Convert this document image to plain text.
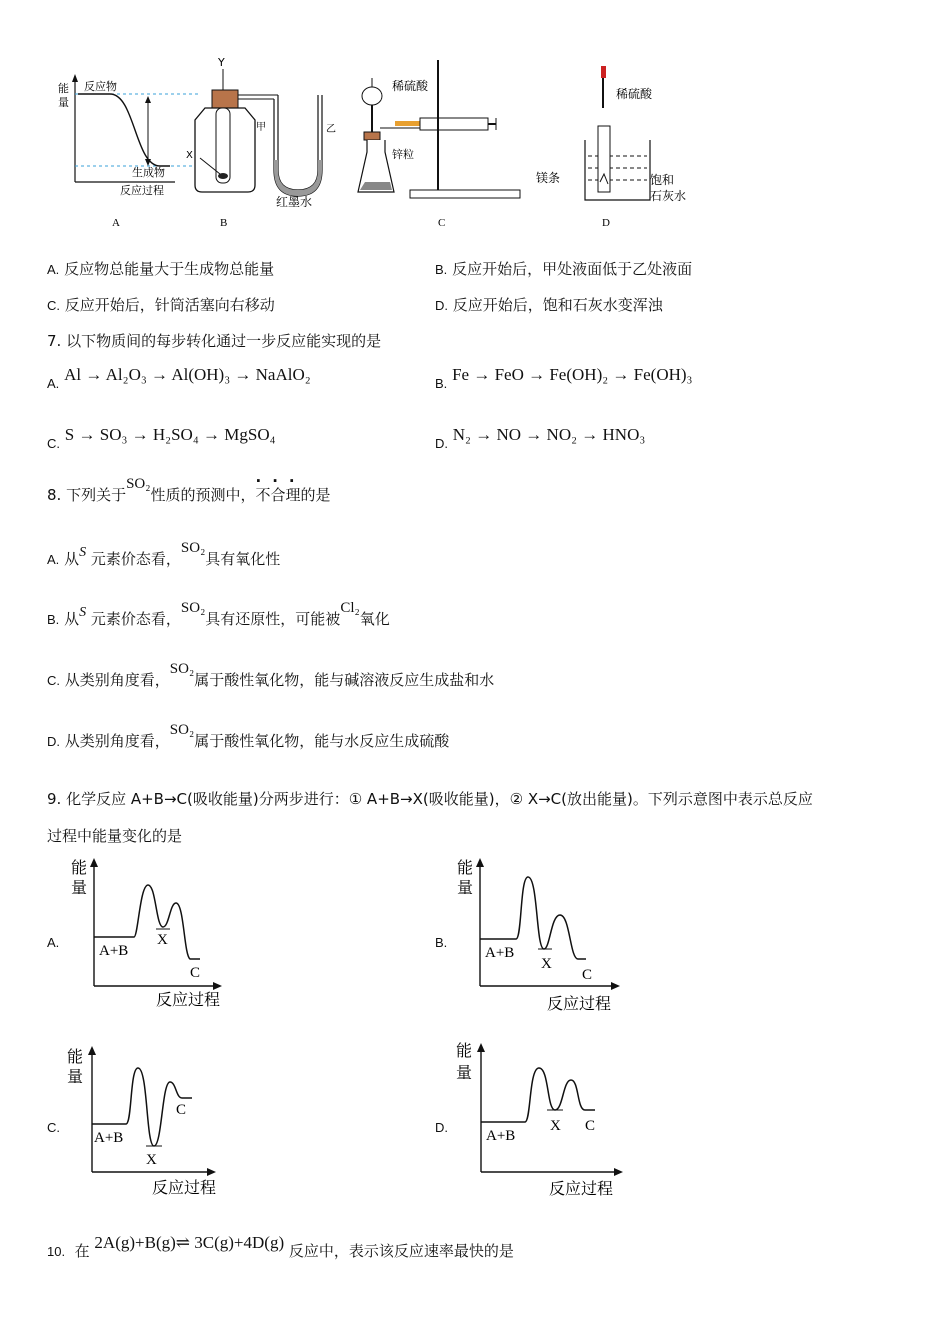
能
量
反应物
生成物
反应过程
A
Y
X
甲	乙
红墨水
B
稀硫酸
锌粒
C
稀硫酸
镁条	饱和
石灰水
D
A. 反应物总能量大于生成物总能量	B. 反应开始后，甲处液面低于乙处液面
C. 反应开始后，针筒活塞向右移动	D. 反应开始后，饱和石灰水变浑浊
7. 以下物质间的每步转化通过一步反应能实现的是
A. Al → Al₂O₃ → Al(OH)₃ → NaAlO₂	B. Fe → FeO → Fe(OH)₂ → Fe(OH)₃
C. S → SO₃ → H₂SO₄ → MgSO₄	D. N₂ → NO → NO₂ → HNO₃
8. 下列关于SO₂性质的预测中，
···
不合理的是
A. 从S 元素价态看，SO₂具有氧化性
B. 从S 元素价态看，SO₂具有还原性，可能被Cl₂氧化
C. 从类别角度看，SO₂属于酸性氧化物，能与碱溶液反应生成盐和水
D. 从类别角度看，SO₂属于酸性氧化物，能与水反应生成硫酸
9. 化学反应 A+B→C(吸收能量)分两步进行：① A+B→X(吸收能量)，② X→C(放出能量)。下列示意图中表示总反应
过程中能量变化的是
A.	B.
C.	D.
能
量
A+B
X
C
反应过程
能
量
A+B
X
C
反应过程
能
量
A+B
X
C
反应过程
能
量
A+B
X C
反应过程
10. 在 2A(g)+B(g)⇌ 3C(g)+4D(g) 反应中，表示该反应速率最快的是
